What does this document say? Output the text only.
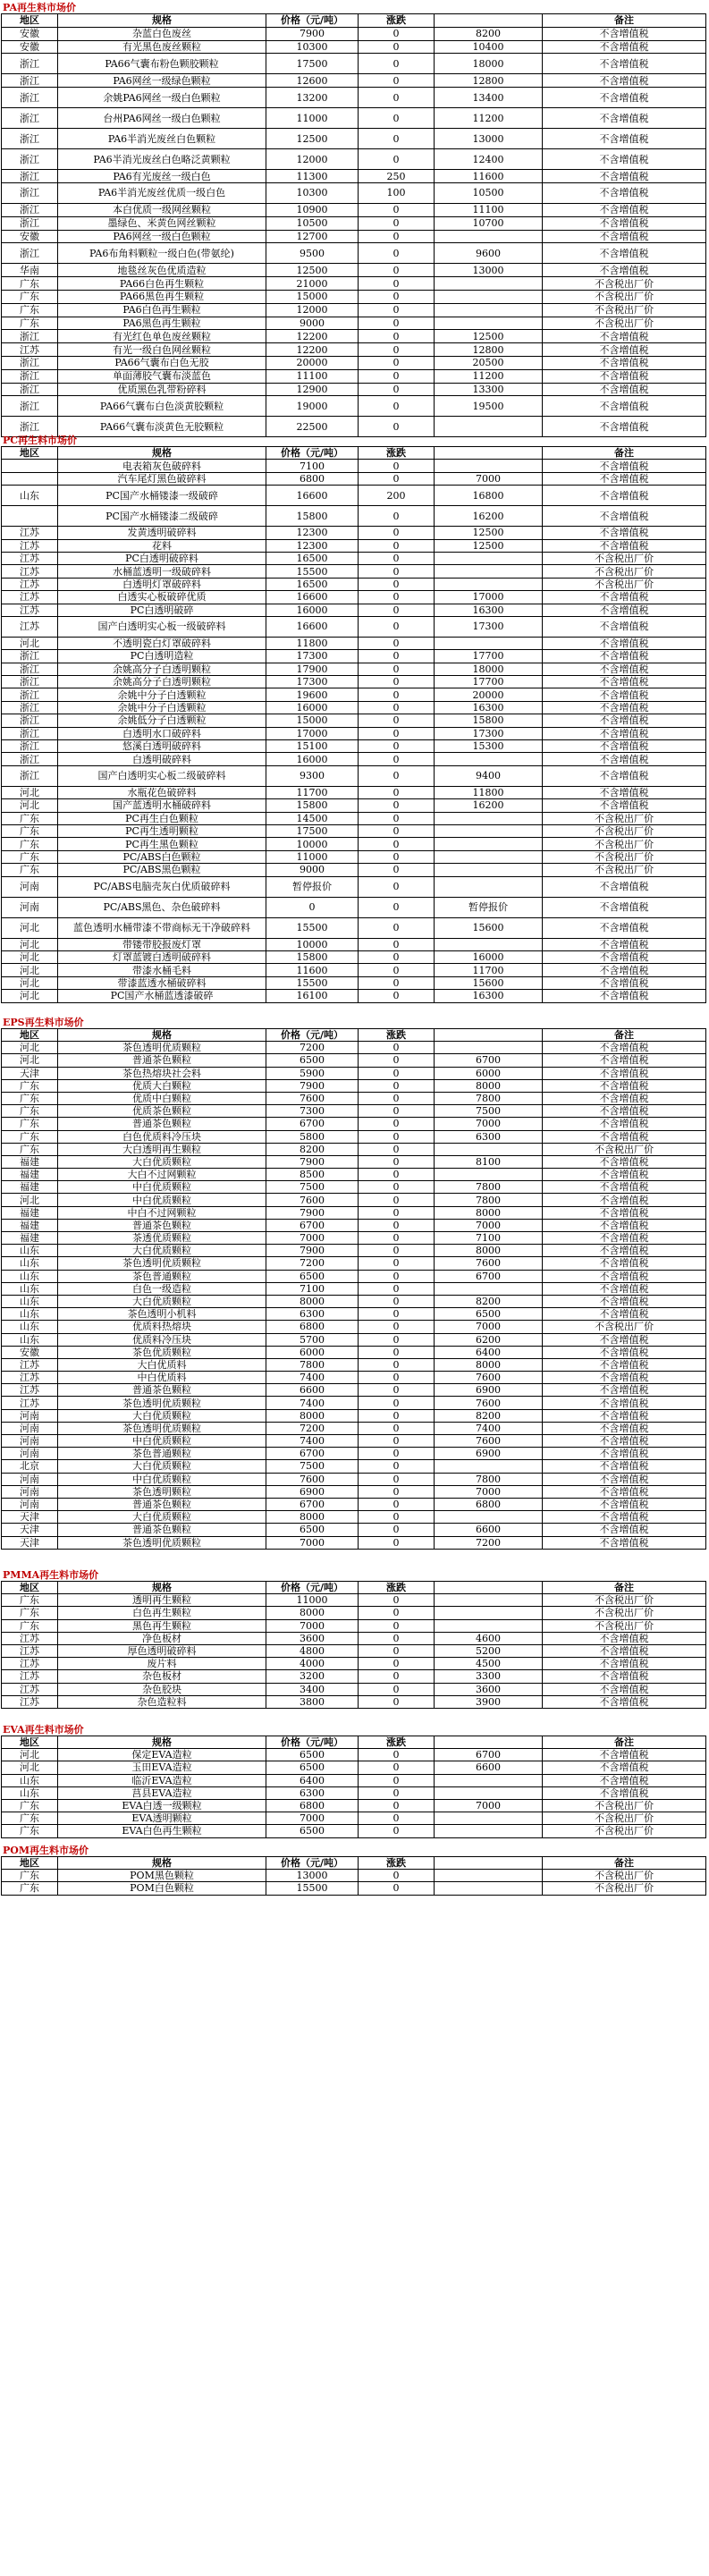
PA再生料市场价
地区	规格	价格（元/吨）	涨跌		备注
安徽	杂蓝白色废丝	7900	0	8200	不含增值税
安徽	有光黑色废丝颗粒	10300	0	10400	不含增值税
浙江	PA66气囊布粉色颗胶颗粒	17500	0	18000	不含增值税
浙江	PA6网丝一级绿色颗粒	12600	0	12800	不含增值税
浙江	余姚PA6网丝一级白色颗粒	13200	0	13400	不含增值税
浙江	台州PA6网丝一级白色颗粒	11000	0	11200	不含增值税
浙江	PA6半消光废丝白色颗粒	12500	0	13000	不含增值税
浙江	PA6半消光废丝白色略泛黄颗粒	12000	0	12400	不含增值税
浙江	PA6有光废丝一级白色	11300	250	11600	不含增值税
浙江	PA6半消光废丝优质一级白色	10300	100	10500	不含增值税
浙江	本白优质一级网丝颗粒	10900	0	11100	不含增值税
浙江	墨绿色、米黄色网丝颗粒	10500	0	10700	不含增值税
安徽	PA6网丝一级白色颗粒	12700	0		不含增值税
浙江	PA6布角料颗粒一级白色(带氨纶)	9500	0	9600	不含增值税
华南	地毯丝灰色优质造粒	12500	0	13000	不含增值税
广东	PA66白色再生颗粒	21000	0		不含税出厂价
广东	PA66黑色再生颗粒	15000	0		不含税出厂价
广东	PA6白色再生颗粒	12000	0		不含税出厂价
广东	PA6黑色再生颗粒	9000	0		不含税出厂价
浙江	有光红色单色废丝颗粒	12200	0	12500	不含增值税
江苏	有光一级白色网丝颗粒	12200	0	12800	不含增值税
浙江	PA66气囊布白色无胶	20000	0	20500	不含增值税
浙江	单面薄胶气囊布淡蓝色	11100	0	11200	不含增值税
浙江	优质黑色乳带粉碎料	12900	0	13300	不含增值税
浙江	PA66气囊布白色淡黄胶颗粒	19000	0	19500	不含增值税
浙江	PA66气囊布淡黄色无胶颗粒	22500	0		不含增值税
PC再生料市场价
地区	规格	价格（元/吨）	涨跌		备注
	电表箱灰色破碎料	7100	0		不含增值税
	汽车尾灯黑色破碎料	6800	0	7000	不含增值税
山东	PC国产水桶镂漆一级破碎	16600	200	16800	不含增值税
	PC国产水桶镂漆二级破碎	15800	0	16200	不含增值税
江苏	发黄透明破碎料	12300	0	12500	不含增值税
江苏	花料	12300	0	12500	不含增值税
江苏	PC白透明破碎料	16500	0		不含税出厂价
江苏	水桶蓝透明一级破碎料	15500	0		不含税出厂价
江苏	白透明灯罩破碎料	16500	0		不含税出厂价
江苏	白透实心板破碎优质	16600	0	17000	不含增值税
江苏	PC白透明破碎	16000	0	16300	不含增值税
江苏	国产白透明实心板一级破碎料	16600	0	17300	不含增值税
河北	不透明瓷白灯罩破碎料	11800	0		不含增值税
浙江	PC白透明造粒	17300	0	17700	不含增值税
浙江	余姚高分子白透明颗粒	17900	0	18000	不含增值税
浙江	余姚高分子白透明颗粒	17300	0	17700	不含增值税
浙江	余姚中分子白透颗粒	19600	0	20000	不含增值税
浙江	余姚中分子白透颗粒	16000	0	16300	不含增值税
浙江	余姚低分子白透颗粒	15000	0	15800	不含增值税
浙江	白透明水口破碎料	17000	0	17300	不含增值税
浙江	悠溪白透明破碎料	15100	0	15300	不含增值税
浙江	白透明破碎料	16000	0		不含增值税
浙江	国产白透明实心板二级破碎料	9300	0	9400	不含增值税
河北	水瓶花色破碎料	11700	0	11800	不含增值税
河北	国产蓝透明水桶破碎料	15800	0	16200	不含增值税
广东	PC再生白色颗粒	14500	0		不含税出厂价
广东	PC再生透明颗粒	17500	0		不含税出厂价
广东	PC再生黑色颗粒	10000	0		不含税出厂价
广东	PC/ABS白色颗粒	11000	0		不含税出厂价
广东	PC/ABS黑色颗粒	9000	0		不含税出厂价
河南	PC/ABS电脑壳灰白优质破碎料	暂停报价	0		不含增值税
河南	PC/ABS黑色、杂色破碎料	0	0	暂停报价	不含增值税
河北	蓝色透明水桶带漆不带商标无干净破碎料	15500	0	15600	不含增值税
河北	带镂带胶报废灯罩	10000	0		不含增值税
河北	灯罩蓝镀白透明破碎料	15800	0	16000	不含增值税
河北	带漆水桶毛料	11600	0	11700	不含增值税
河北	带漆蓝透水桶破碎料	15500	0	15600	不含增值税
河北	PC国产水桶蓝透漆破碎	16100	0	16300	不含增值税
EPS再生料市场价
地区	规格	价格（元/吨）	涨跌		备注
河北	茶色透明优质颗粒	7200	0		不含增值税
河北	普通茶色颗粒	6500	0	6700	不含增值税
天津	茶色热熔块社会料	5900	0	6000	不含增值税
广东	优质大白颗粒	7900	0	8000	不含增值税
广东	优质中白颗粒	7600	0	7800	不含增值税
广东	优质茶色颗粒	7300	0	7500	不含增值税
广东	普通茶色颗粒	6700	0	7000	不含增值税
广东	白色优质料冷压块	5800	0	6300	不含增值税
广东	大白透明再生颗粒	8200	0		不含税出厂价
福建	大白优质颗粒	7900	0	8100	不含增值税
福建	大白不过网颗粒	8500	0		不含增值税
福建	中白优质颗粒	7500	0	7800	不含增值税
河北	中白优质颗粒	7600	0	7800	不含增值税
福建	中白不过网颗粒	7900	0	8000	不含增值税
福建	普通茶色颗粒	6700	0	7000	不含增值税
福建	茶透优质颗粒	7000	0	7100	不含增值税
山东	大白优质颗粒	7900	0	8000	不含增值税
山东	茶色透明优质颗粒	7200	0	7600	不含增值税
山东	茶色普通颗粒	6500	0	6700	不含增值税
山东	白色一级造粒	7100	0		不含增值税
山东	大白优质颗粒	8000	0	8200	不含增值税
山东	茶色透明小机料	6300	0	6500	不含增值税
山东	优质料热熔块	6800	0	7000	不含税出厂价
山东	优质料冷压块	5700	0	6200	不含增值税
安徽	茶色优质颗粒	6000	0	6400	不含增值税
江苏	大白优质料	7800	0	8000	不含增值税
江苏	中白优质料	7400	0	7600	不含增值税
江苏	普通茶色颗粒	6600	0	6900	不含增值税
江苏	茶色透明优质颗粒	7400	0	7600	不含增值税
河南	大白优质颗粒	8000	0	8200	不含增值税
河南	茶色透明优质颗粒	7200	0	7400	不含增值税
河南	中白优质颗粒	7400	0	7600	不含增值税
河南	茶色普通颗粒	6700	0	6900	不含增值税
北京	大白优质颗粒	7500	0		不含增值税
河南	中白优质颗粒	7600	0	7800	不含增值税
河南	茶色透明颗粒	6900	0	7000	不含增值税
河南	普通茶色颗粒	6700	0	6800	不含增值税
天津	大白优质颗粒	8000	0		不含增值税
天津	普通茶色颗粒	6500	0	6600	不含增值税
天津	茶色透明优质颗粒	7000	0	7200	不含增值税
PMMA再生料市场价
地区	规格	价格（元/吨）	涨跌		备注
广东	透明再生颗粒	11000	0		不含税出厂价
广东	白色再生颗粒	8000	0		不含税出厂价
广东	黑色再生颗粒	7000	0		不含税出厂价
江苏	净色板材	3600	0	4600	不含增值税
江苏	厚色透明破碎料	4800	0	5200	不含增值税
江苏	废片料	4000	0	4500	不含增值税
江苏	杂色板材	3200	0	3300	不含增值税
江苏	杂色胶块	3400	0	3600	不含增值税
江苏	杂色造粒料	3800	0	3900	不含增值税
EVA再生料市场价
地区	规格	价格（元/吨）	涨跌		备注
河北	保定EVA造粒	6500	0	6700	不含增值税
河北	玉田EVA造粒	6500	0	6600	不含增值税
山东	临沂EVA造粒	6400	0		不含增值税
山东	莒县EVA造粒	6300	0		不含增值税
广东	EVA白透一级颗粒	6800	0	7000	不含税出厂价
广东	EVA透明颗粒	7000	0		不含税出厂价
广东	EVA白色再生颗粒	6500	0		不含税出厂价
POM再生料市场价
地区	规格	价格（元/吨）	涨跌		备注
广东	POM黑色颗粒	13000	0		不含税出厂价
广东	POM白色颗粒	15500	0		不含税出厂价
